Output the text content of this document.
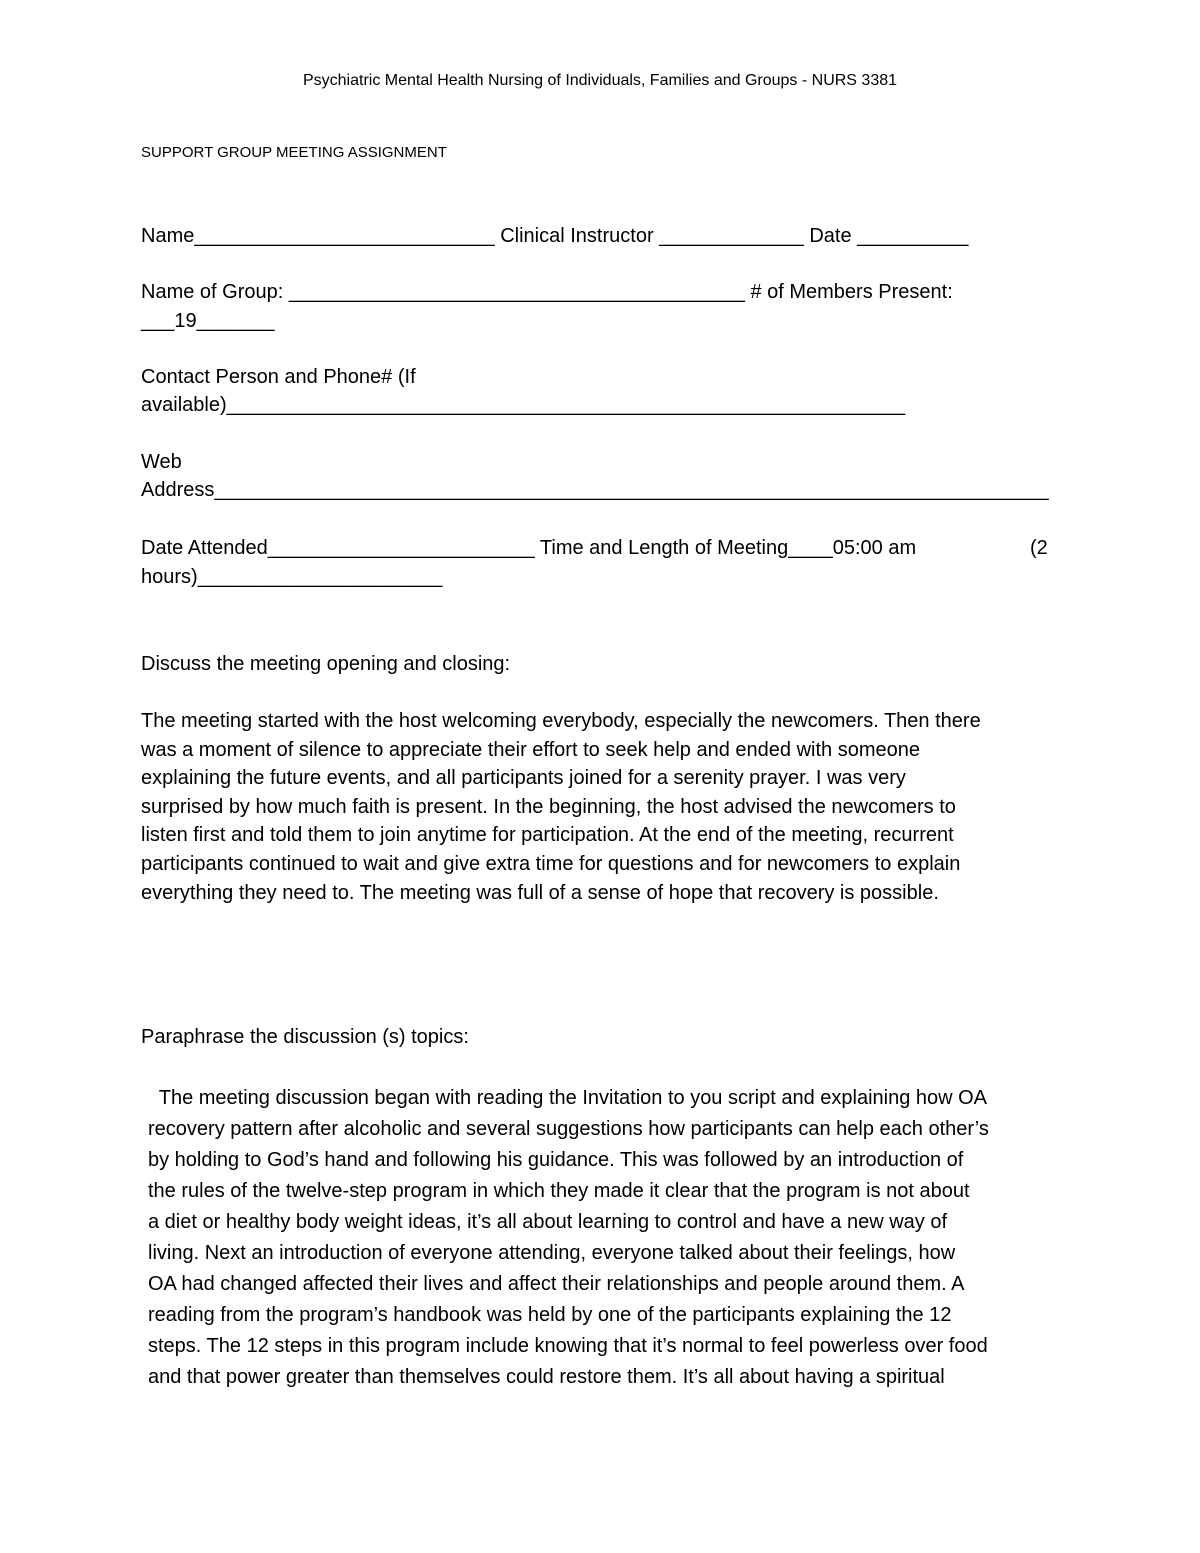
Psychiatric Mental Health Nursing of Individuals, Families and Groups - NURS 3381
SUPPORT GROUP MEETING ASSIGNMENT
Name___________________________ Clinical Instructor _____________ Date __________
Name of Group: _________________________________________ # of Members Present:
___19_______
Contact Person and Phone# (If
available)_____________________________________________________________
Web
Address___________________________________________________________________________
Date Attended________________________ Time and Length of Meeting____05:00 am	(2
hours)______________________
Discuss the meeting opening and closing:
The meeting started with the host welcoming everybody, especially the newcomers. Then there
was a moment of silence to appreciate their effort to seek help and ended with someone
explaining the future events, and all participants joined for a serenity prayer. I was very
surprised by how much faith is present. In the beginning, the host advised the newcomers to
listen first and told them to join anytime for participation. At the end of the meeting, recurrent
participants continued to wait and give extra time for questions and for newcomers to explain
everything they need to. The meeting was full of a sense of hope that recovery is possible.
Paraphrase the discussion (s) topics:
The meeting discussion began with reading the Invitation to you script and explaining how OA
recovery pattern after alcoholic and several suggestions how participants can help each other’s
by holding to God’s hand and following his guidance. This was followed by an introduction of
the rules of the twelve-step program in which they made it clear that the program is not about
a diet or healthy body weight ideas, it’s all about learning to control and have a new way of
living. Next an introduction of everyone attending, everyone talked about their feelings, how
OA had changed affected their lives and affect their relationships and people around them. A
reading from the program’s handbook was held by one of the participants explaining the 12
steps. The 12 steps in this program include knowing that it’s normal to feel powerless over food
and that power greater than themselves could restore them. It’s all about having a spiritual
